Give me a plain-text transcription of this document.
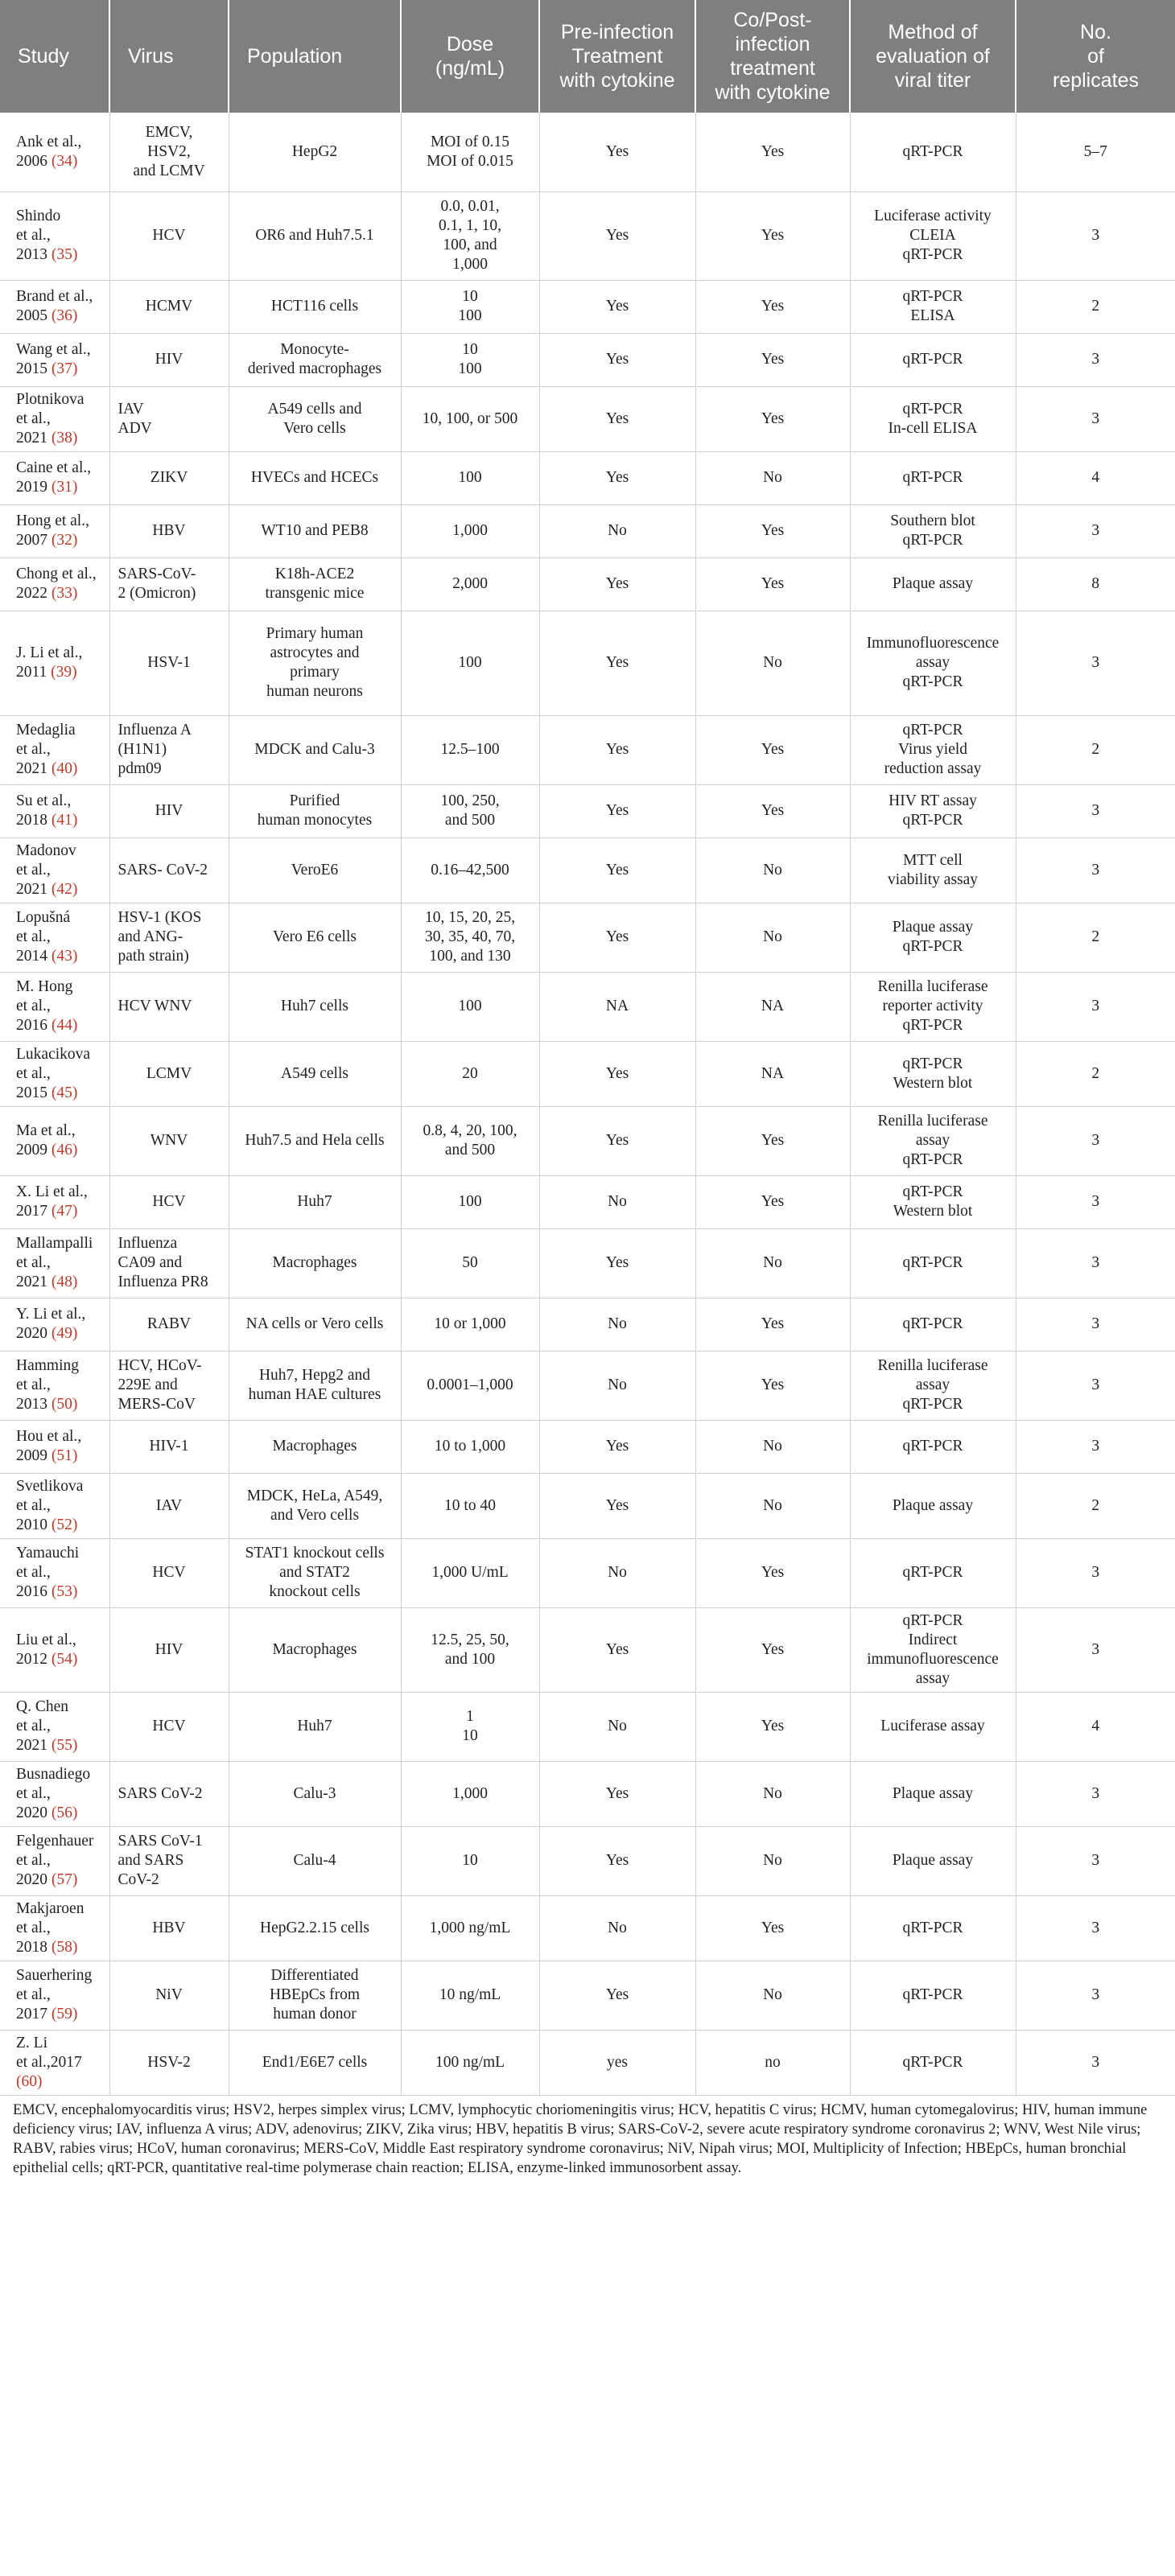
Study	Virus	Population	Dose
(ng/mL)	Pre-infection
Treatment
with cytokine	Co/Post-
infection
treatment
with cytokine	Method of
evaluation of
viral titer	No.
of
replicates
Ank et al.,
2006 (34)	EMCV,
HSV2,
and LCMV	HepG2	MOI of 0.15
MOI of 0.015	Yes	Yes	qRT-PCR	5–7
Shindo
et al.,
2013 (35)	HCV	OR6 and Huh7.5.1	0.0, 0.01,
0.1, 1, 10,
100, and
1,000	Yes	Yes	Luciferase activity
CLEIA
qRT-PCR	3
Brand et al.,
2005 (36)	HCMV	HCT116 cells	10
100	Yes	Yes	qRT-PCR
ELISA	2
Wang et al.,
2015 (37)	HIV	Monocyte-
derived macrophages	10
100	Yes	Yes	qRT-PCR	3
Plotnikova
et al.,
2021 (38)	IAV
ADV	A549 cells and
Vero cells	10, 100, or 500	Yes	Yes	qRT-PCR
In-cell ELISA	3
Caine et al.,
2019 (31)	ZIKV	HVECs and HCECs	100	Yes	No	qRT-PCR	4
Hong et al.,
2007 (32)	HBV	WT10 and PEB8	1,000	No	Yes	Southern blot
qRT-PCR	3
Chong et al.,
2022 (33)	SARS-CoV-
2 (Omicron)	K18h-ACE2
transgenic mice	2,000	Yes	Yes	Plaque assay	8
J. Li et al.,
2011 (39)	HSV-1	Primary human
astrocytes and
primary
human neurons	100	Yes	No	Immunofluorescence
assay
qRT-PCR	3
Medaglia
et al.,
2021 (40)	Influenza A
(H1N1)
pdm09	MDCK and Calu-3	12.5–100	Yes	Yes	qRT-PCR
Virus yield
reduction assay	2
Su et al.,
2018 (41)	HIV	Purified
human monocytes	100, 250,
and 500	Yes	Yes	HIV RT assay
qRT-PCR	3
Madonov
et al.,
2021 (42)	SARS- CoV-2	VeroE6	0.16–42,500	Yes	No	MTT cell
viability assay	3
Lopušná
et al.,
2014 (43)	HSV-1 (KOS
and ANG-
path strain)	Vero E6 cells	10, 15, 20, 25,
30, 35, 40, 70,
100, and 130	Yes	No	Plaque assay
qRT-PCR	2
M. Hong
et al.,
2016 (44)	HCV WNV	Huh7 cells	100	NA	NA	Renilla luciferase
reporter activity
qRT-PCR	3
Lukacikova
et al.,
2015 (45)	LCMV	A549 cells	20	Yes	NA	qRT-PCR
Western blot	2
Ma et al.,
2009 (46)	WNV	Huh7.5 and Hela cells	0.8, 4, 20, 100,
and 500	Yes	Yes	Renilla luciferase
assay
qRT-PCR	3
X. Li et al.,
2017 (47)	HCV	Huh7	100	No	Yes	qRT-PCR
Western blot	3
Mallampalli
et al.,
2021 (48)	Influenza
CA09 and
Influenza PR8	Macrophages	50	Yes	No	qRT-PCR	3
Y. Li et al.,
2020 (49)	RABV	NA cells or Vero cells	10 or 1,000	No	Yes	qRT-PCR	3
Hamming
et al.,
2013 (50)	HCV, HCoV-
229E and
MERS-CoV	Huh7, Hepg2 and
human HAE cultures	0.0001–1,000	No	Yes	Renilla luciferase
assay
qRT-PCR	3
Hou et al.,
2009 (51)	HIV-1	Macrophages	10 to 1,000	Yes	No	qRT-PCR	3
Svetlikova
et al.,
2010 (52)	IAV	MDCK, HeLa, A549,
and Vero cells	10 to 40	Yes	No	Plaque assay	2
Yamauchi
et al.,
2016 (53)	HCV	STAT1 knockout cells
and STAT2
knockout cells	1,000 U/mL	No	Yes	qRT-PCR	3
Liu et al.,
2012 (54)	HIV	Macrophages	12.5, 25, 50,
and 100	Yes	Yes	qRT-PCR
Indirect
immunofluorescence
assay	3
Q. Chen
et al.,
2021 (55)	HCV	Huh7	1
10	No	Yes	Luciferase assay	4
Busnadiego
et al.,
2020 (56)	SARS CoV-2	Calu-3	1,000	Yes	No	Plaque assay	3
Felgenhauer
et al.,
2020 (57)	SARS CoV-1
and SARS
CoV-2	Calu-4	10	Yes	No	Plaque assay	3
Makjaroen
et al.,
2018 (58)	HBV	HepG2.2.15 cells	1,000 ng/mL	No	Yes	qRT-PCR	3
Sauerhering
et al.,
2017 (59)	NiV	Differentiated
HBEpCs from
human donor	10 ng/mL	Yes	No	qRT-PCR	3
Z. Li
et al.,2017
(60)	HSV-2	End1/E6E7 cells	100 ng/mL	yes	no	qRT-PCR	3
EMCV, encephalomyocarditis virus; HSV2, herpes simplex virus; LCMV, lymphocytic choriomeningitis virus; HCV, hepatitis C virus; HCMV, human cytomegalovirus; HIV, human immune deficiency virus; IAV, influenza A virus; ADV, adenovirus; ZIKV, Zika virus; HBV, hepatitis B virus; SARS-CoV-2, severe acute respiratory syndrome coronavirus 2; WNV, West Nile virus; RABV, rabies virus; HCoV, human coronavirus; MERS-CoV, Middle East respiratory syndrome coronavirus; NiV, Nipah virus; MOI, Multiplicity of Infection; HBEpCs, human bronchial epithelial cells; qRT-PCR, quantitative real-time polymerase chain reaction; ELISA, enzyme-linked immunosorbent assay.
